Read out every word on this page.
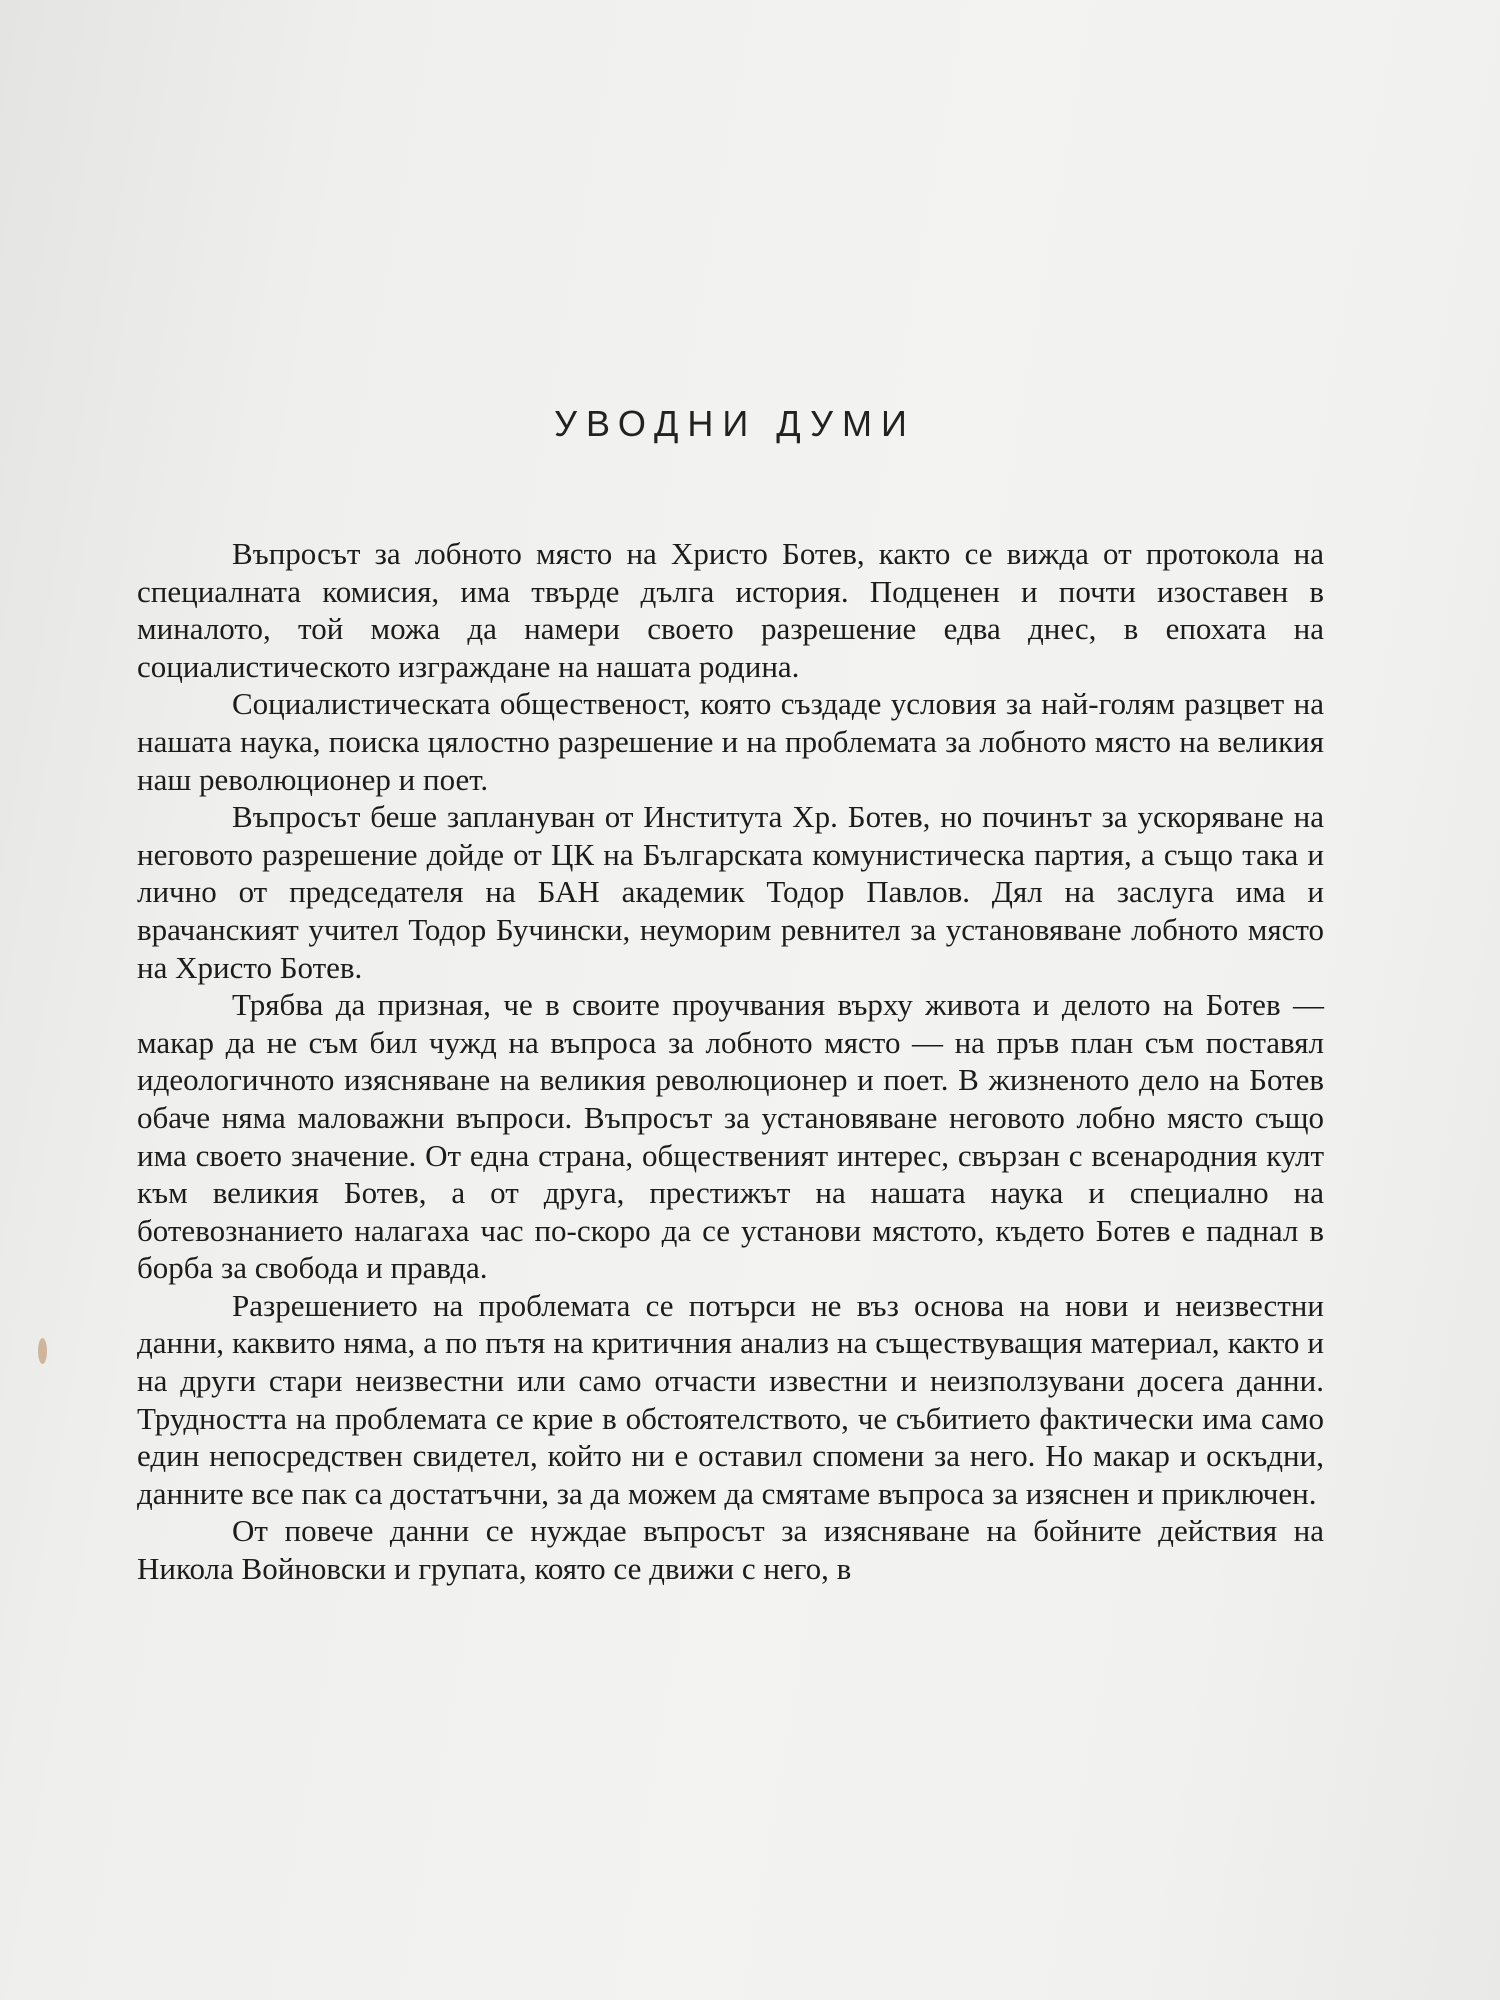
УВОДНИ ДУМИ

Въпросът за лобното място на Христо Ботев, както се вижда от протокола на специалната комисия, има твърде дълга история. Подценен и почти изоставен в миналото, той можа да намери своето разрешение едва днес, в епохата на социалистическото изграждане на нашата родина.

Социалистическата общественост, която създаде условия за най-голям разцвет на нашата наука, поиска цялостно разрешение и на проблемата за лобното място на великия наш революционер и поет.

Въпросът беше заплануван от Института Хр. Ботев, но починът за ускоряване на неговото разрешение дойде от ЦК на Българската комунистическа партия, а също така и лично от председателя на БАН академик Тодор Павлов. Дял на заслуга има и врачанският учител Тодор Бучински, неуморим ревнител за установяване лобното място на Христо Ботев.

Трябва да призная, че в своите проучвания върху живота и делото на Ботев — макар да не съм бил чужд на въпроса за лобното място — на пръв план съм поставял идеологичното изясняване на великия революционер и поет. В жизненото дело на Ботев обаче няма маловажни въпроси. Въпросът за установяване неговото лобно място също има своето значение. От една страна, общественият интерес, свързан с всенародния култ към великия Ботев, а от друга, престижът на нашата наука и специално на ботевознанието налагаха час по-скоро да се установи мястото, където Ботев е паднал в борба за свобода и правда.

Разрешението на проблемата се потърси не въз основа на нови и неизвестни данни, каквито няма, а по пътя на критичния анализ на съществуващия материал, както и на други стари неизвестни или само отчасти известни и неизползувани досега данни. Трудността на проблемата се крие в обстоятелството, че събитието фактически има само един непосредствен свидетел, който ни е оставил спомени за него. Но макар и оскъдни, данните все пак са достатъчни, за да можем да смятаме въпроса за изяснен и приключен.

От повече данни се нуждае въпросът за изясняване на бойните действия на Никола Войновски и групата, която се движи с него, в
